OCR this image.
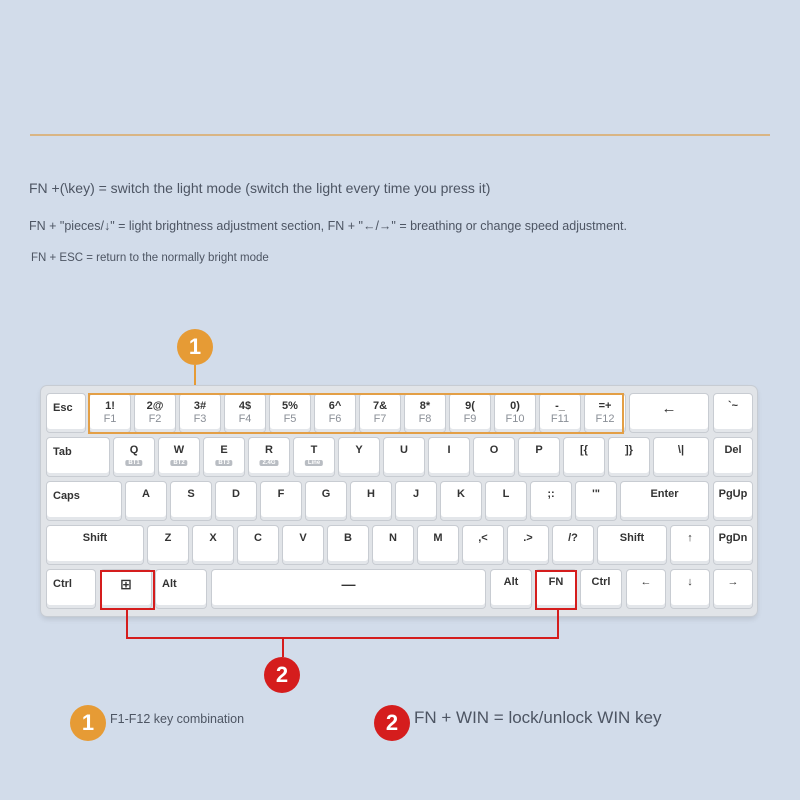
FN +(\key) = switch the light mode (switch the light every time you press it)
FN + "pieces/↓" = light brightness adjustment section, FN + "←/→" = breathing or change speed adjustment.
FN + ESC = return to the normally bright mode
1
Esc	1!
F1
2@
F2
3#
F3
4$
F4
5%
F5
6^
F6
7&
F7
8*
F8
9(
F9
0)
F10
-_
F11
=+
F12
←	`~
Tab	Q
BT1
W
BT2
E
BT3
R
2.4G
T
Line
Y	U	I	O	P	[{	]}	\|	Del
Caps	A	S	D	F	G	H	J	K	L	;:	'"	Enter	PgUp
Shift	Z	X	C	V	B	N	M	,<	.>	/?	Shift	↑	PgDn
Ctrl	⊞	Alt	—	Alt	FN	Ctrl	←	↓	→
2
1	F1-F12 key combination	2 FN + WIN = lock/unlock WIN key
